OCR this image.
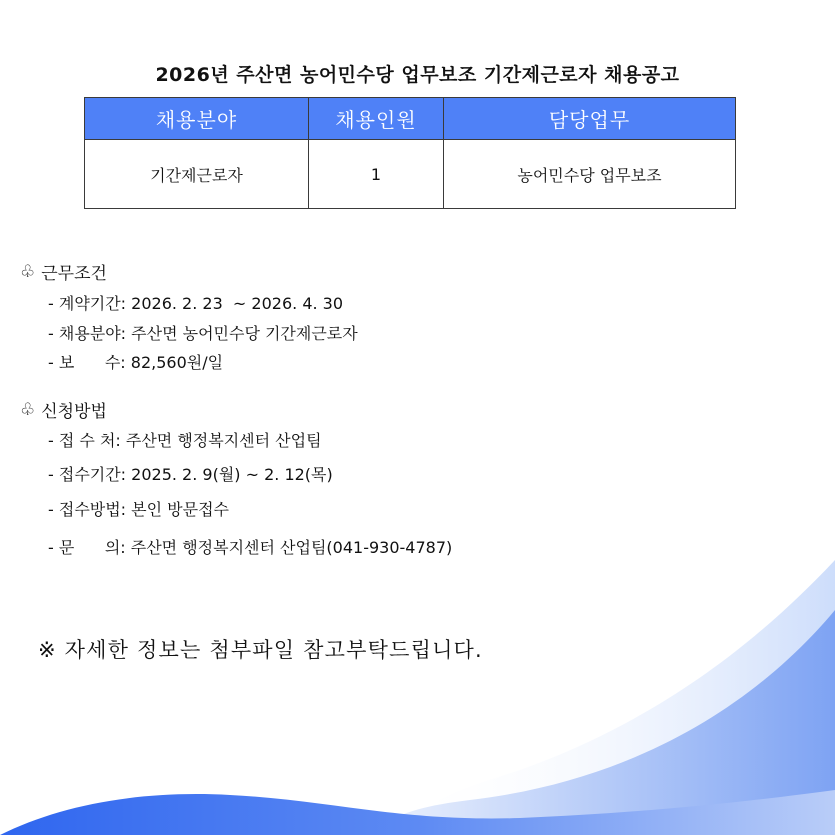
2026년 주산면 농어민수당 업무보조 기간제근로자 채용공고
채용분야	채용인원	담당업무
기간제근로자	1	농어민수당 업무보조
♧ 근무조건
- 계약기간: 2026. 2. 23  ~ 2026. 4. 30
- 채용분야: 주산면 농어민수당 기간제근로자
- 보      수: 82,560원/일
♧ 신청방법
- 접 수 처: 주산면 행정복지센터 산업팀
- 접수기간: 2025. 2. 9(월) ~ 2. 12(목)
- 접수방법: 본인 방문접수
- 문      의: 주산면 행정복지센터 산업팀(041-930-4787)
※ 자세한 정보는 첨부파일 참고부탁드립니다.
